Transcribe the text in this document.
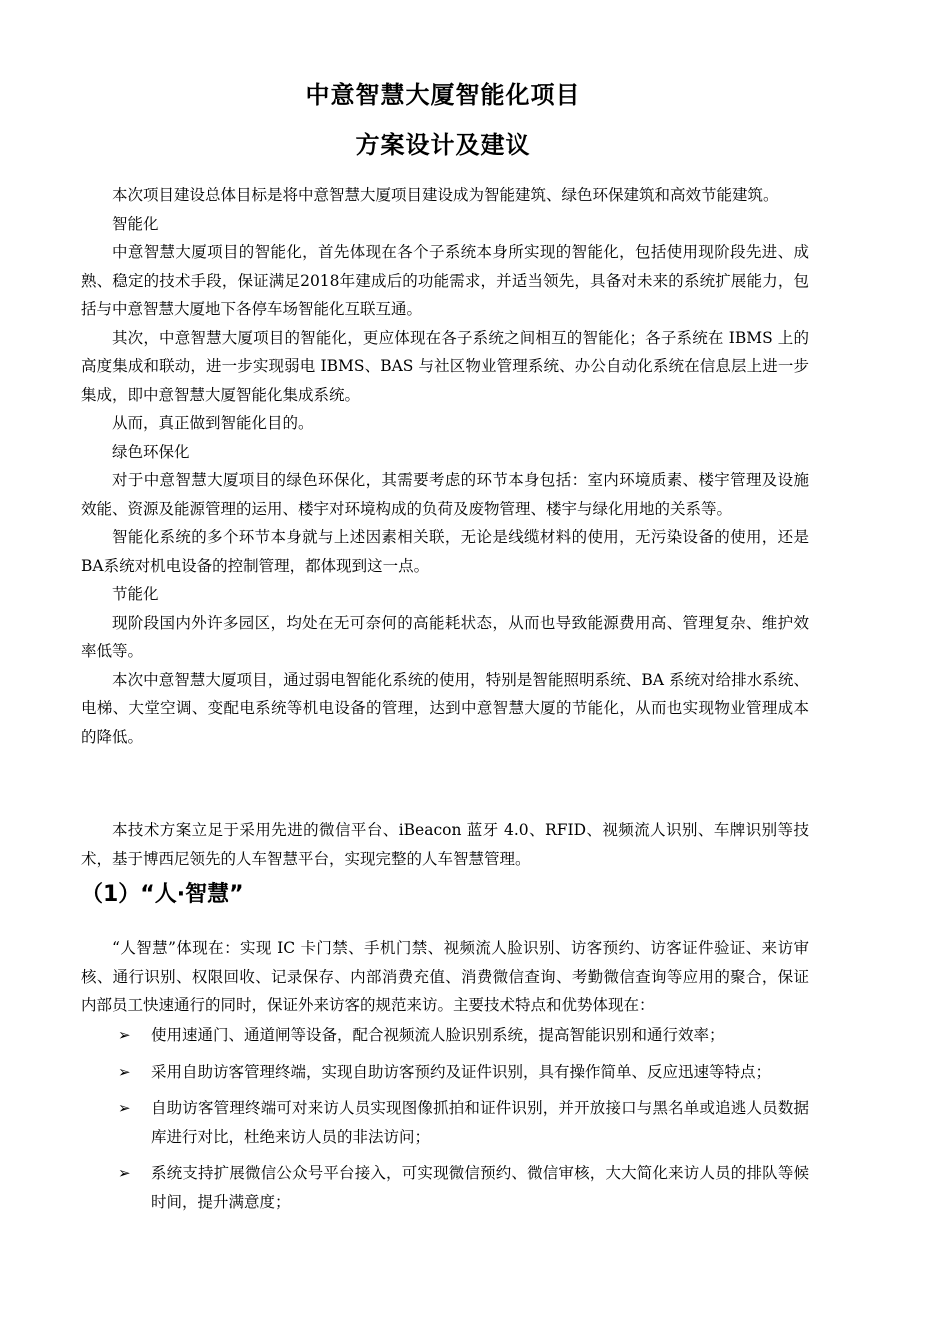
中意智慧大厦智能化项目
方案设计及建议

本次项目建设总体目标是将中意智慧大厦项目建设成为智能建筑、绿色环保建筑和高效节能建筑。

智能化

中意智慧大厦项目的智能化，首先体现在各个子系统本身所实现的智能化，包括使用现阶段先进、成熟、稳定的技术手段，保证满足2018年建成后的功能需求，并适当领先，具备对未来的系统扩展能力，包括与中意智慧大厦地下各停车场智能化互联互通。

其次，中意智慧大厦项目的智能化，更应体现在各子系统之间相互的智能化；各子系统在 IBMS 上的高度集成和联动，进一步实现弱电 IBMS、BAS 与社区物业管理系统、办公自动化系统在信息层上进一步集成，即中意智慧大厦智能化集成系统。

从而，真正做到智能化目的。

绿色环保化

对于中意智慧大厦项目的绿色环保化，其需要考虑的环节本身包括：室内环境质素、楼宇管理及设施效能、资源及能源管理的运用、楼宇对环境构成的负荷及废物管理、楼宇与绿化用地的关系等。

智能化系统的多个环节本身就与上述因素相关联，无论是线缆材料的使用，无污染设备的使用，还是BA系统对机电设备的控制管理，都体现到这一点。

节能化

现阶段国内外许多园区，均处在无可奈何的高能耗状态，从而也导致能源费用高、管理复杂、维护效率低等。

本次中意智慧大厦项目，通过弱电智能化系统的使用，特别是智能照明系统、BA 系统对给排水系统、电梯、大堂空调、变配电系统等机电设备的管理，达到中意智慧大厦的节能化，从而也实现物业管理成本的降低。

本技术方案立足于采用先进的微信平台、iBeacon 蓝牙 4.0、RFID、视频流人识别、车牌识别等技术，基于博西尼领先的人车智慧平台，实现完整的人车智慧管理。

（1）“人·智慧”

“人智慧”体现在：实现 IC 卡门禁、手机门禁、视频流人脸识别、访客预约、访客证件验证、来访审核、通行识别、权限回收、记录保存、内部消费充值、消费微信查询、考勤微信查询等应用的聚合，保证内部员工快速通行的同时，保证外来访客的规范来访。主要技术特点和优势体现在：

➢ 使用速通门、通道闸等设备，配合视频流人脸识别系统，提高智能识别和通行效率；
➢ 采用自助访客管理终端，实现自助访客预约及证件识别，具有操作简单、反应迅速等特点；
➢ 自助访客管理终端可对来访人员实现图像抓拍和证件识别，并开放接口与黑名单或追逃人员数据库进行对比，杜绝来访人员的非法访问；
➢ 系统支持扩展微信公众号平台接入，可实现微信预约、微信审核，大大简化来访人员的排队等候时间，提升满意度；
